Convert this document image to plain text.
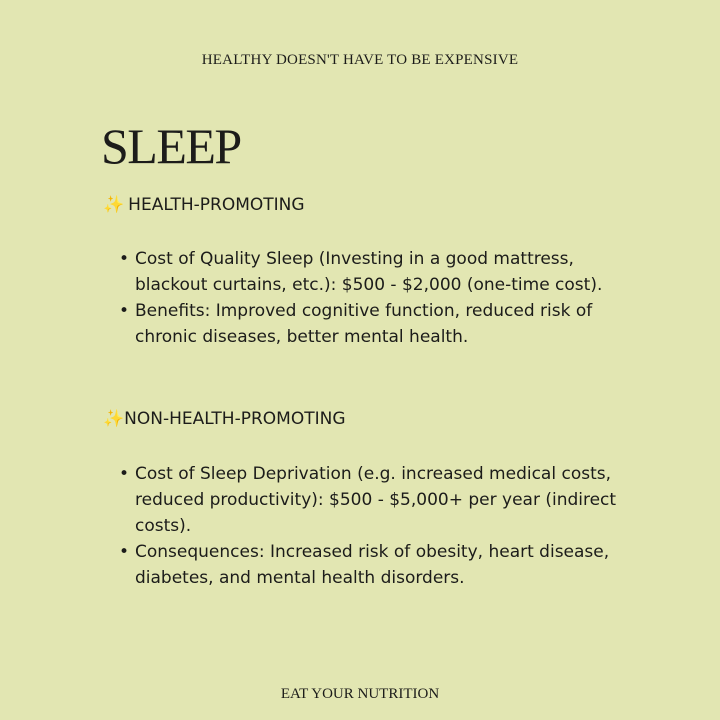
HEALTHY DOESN'T HAVE TO BE EXPENSIVE
SLEEP
✨ HEALTH-PROMOTING
• Cost of Quality Sleep (Investing in a good mattress, blackout curtains, etc.): $500 - $2,000 (one-time cost).
• Benefits: Improved cognitive function, reduced risk of chronic diseases, better mental health.
✨NON-HEALTH-PROMOTING
• Cost of Sleep Deprivation (e.g. increased medical costs, reduced productivity): $500 - $5,000+ per year (indirect costs).
• Consequences: Increased risk of obesity, heart disease, diabetes, and mental health disorders.
EAT YOUR NUTRITION
